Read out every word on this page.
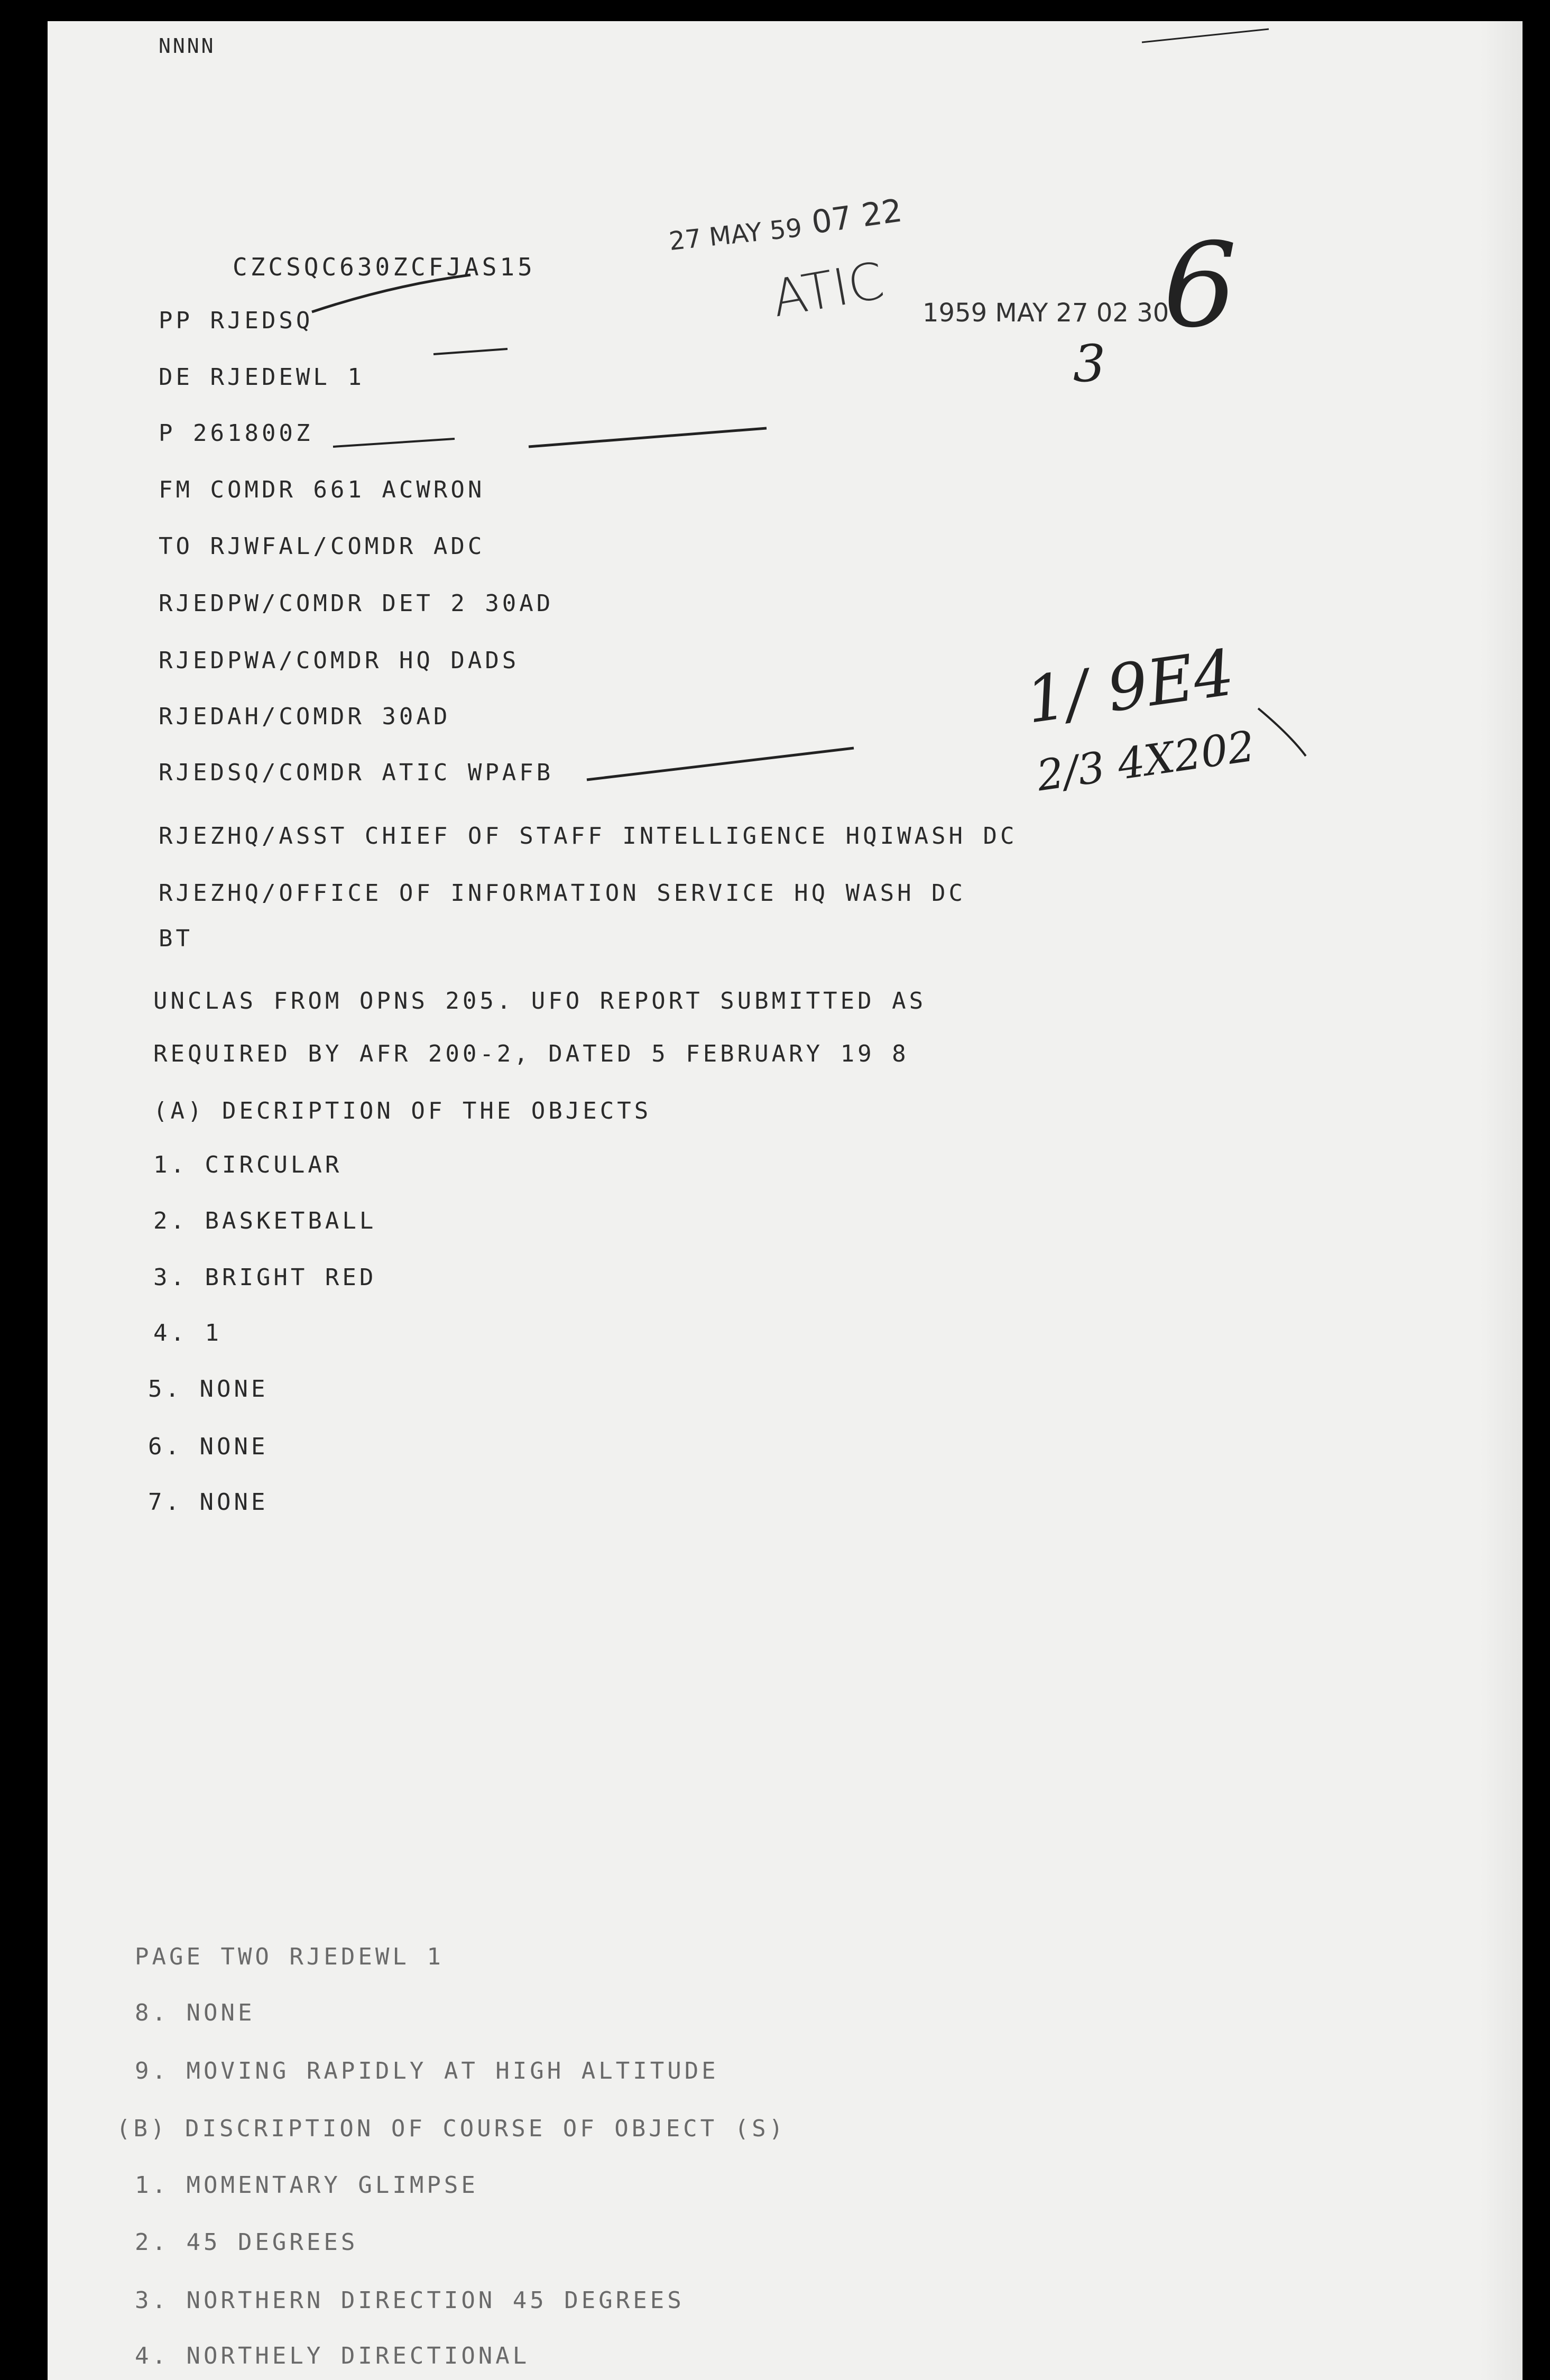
NNNN
CZCSQC630ZCFJAS15
PP RJEDSQ
DE RJEDEWL 1
P 261800Z
FM COMDR 661 ACWRON
TO RJWFAL/COMDR ADC
RJEDPW/COMDR DET 2 30AD
RJEDPWA/COMDR HQ DADS
RJEDAH/COMDR 30AD
RJEDSQ/COMDR ATIC WPAFB
RJEZHQ/ASST CHIEF OF STAFF INTELLIGENCE HQIWASH DC
RJEZHQ/OFFICE OF INFORMATION SERVICE HQ WASH DC
BT
UNCLAS FROM OPNS 205. UFO REPORT SUBMITTED AS
REQUIRED BY AFR 200-2, DATED 5 FEBRUARY 19 8
(A) DECRIPTION OF THE OBJECTS
1. CIRCULAR
2. BASKETBALL
3. BRIGHT RED
4. 1
5. NONE
6. NONE
7. NONE
PAGE TWO RJEDEWL 1
8. NONE
9. MOVING RAPIDLY AT HIGH ALTITUDE
(B) DISCRIPTION OF COURSE OF OBJECT (S)
1. MOMENTARY GLIMPSE
2. 45 DEGREES
3. NORTHERN DIRECTION 45 DEGREES
4. NORTHELY DIRECTIONAL
27 MAY 59 07 22
ATIC 1959 MAY 27 02 30
3
6
1/ 9E4
2/3 4X202
